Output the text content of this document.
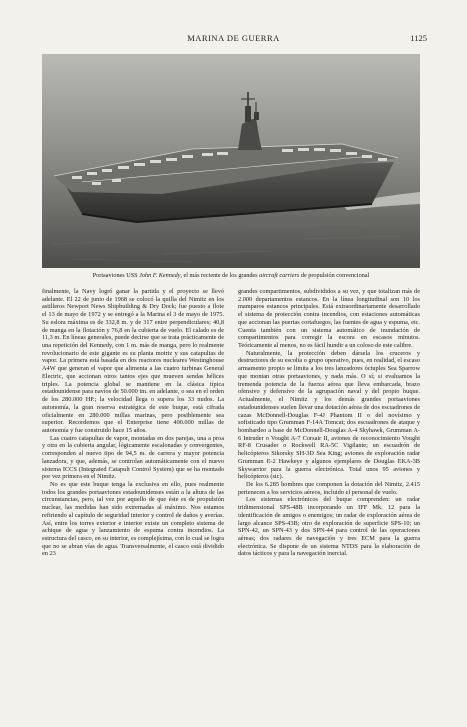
MARINA DE GUERRA	1125
Portaaviones USS John F. Kennedy, el más reciente de los grandes aircraft carriers de propulsión convencional

finalmente, la Navy logró ganar la partida y el proyecto se llevó adelante. El 22 de junio de 1968 se colocó la quilla del Nimitz en los astilleros Newport News Shipbuilding & Dry Dock; fue puesto a flote el 13 de mayo de 1972 y se entregó a la Marina el 3 de mayo de 1975. Su eslora máxima es de 332,8 m. y de 317 entre perpendiculares; 40,8 de manga en la flotación y 76,8 en la cubierta de vuelo. El calado es de 11,3 m. En líneas generales, puede decirse que se trata prácticamente de una repetición del Kennedy, con 1 m. más de manga, pero lo realmente revolucionario de este gigante es su planta motriz y sus catapultas de vapor. La primera está basada en dos reactores nucleares Westinghouse A4W que generan el vapor que alimenta a las cuatro turbinas General Electric, que accionan otros tantos ejes que mueven sendas hélices triples. La potencia global se mantiene en la clásica típica estadounidense para navíos de 50.000 tm. en adelante, o sea en el orden de los 280.000 HP.; la velocidad llega o supera los 33 nudos. La autonomía, la gran reserva estratégica de este buque, está cifrada oficialmente en 280.000 millas marinas, pero posiblemente sea superior. Recordemos que el Enterprise tiene 400.000 millas de autonomía y fue construido hace 15 años.

Las cuatro catapultas de vapor, montadas en dos parejas, una a proa y otra en la cubierta angular, lógicamente escalonadas y convergentes, corresponden al nuevo tipo de 94,5 m. de carrera y mayor potencia lanzadora, y que, además, se controlan automáticamente con el nuevo sistema ICCS (Integrated Catapult Control System) que se ha montado por vez primera en el Nimitz.

No es que este buque tenga la exclusiva en ello, pues realmente todos los grandes portaaviones estadounidenses están a la altura de las circunstancias, pero, tal vez por aquello de que éste es de propulsión nuclear, las medidas han sido extremadas al máximo. Nos estamos refiriendo al capítulo de seguridad interior y control de daños y averías. Así, entre los torres exterior e interior existe un completo sistema de achique de agua y lanzamiento de espuma contra incendios. La estructura del casco, en su interior, es complejísima, con lo cual se logra que no se abran vías de agua. Transversalmente, el casco está dividido en 23

grandes compartimentos, subdivididos a su vez, y que totalizan más de 2.000 departamentos estancos. En la línea longitudinal son 10 los mamparos estancos principales. Está extraordinariamente desarrollado el sistema de protección contra incendios, con estaciones automáticas que accionan las puertas cortafuegos, las fuentes de agua y espuma, etc. Cuenta también con un sistema automático de inundación de compartimentos para corregir la escora en escasos minutos. Teóricamente al menos, no es fácil hundir a un coloso de este calibre.

Naturalmente, la protección deben dársela los cruceros y destructores de su escolta o grupo operativo, pues, en realidad, el escaso armamento propio se limita a los tres lanzadores óctuples Sea Sparrow que montan otras portaaviones, y nada más. O sí; si evaluamos la tremenda potencia de la fuerza aérea que lleva embarcada, brazo ofensivo y defensivo de la agrupación naval y del propio buque. Actualmente, el Nimitz y los demás grandes portaaviones estadounidenses suelen llevar una dotación aérea de dos escuadrones de cazas McDonnell-Douglas F-4J Phantom II o del novísimo y sofisticado tipo Grumman F-14A Tomcat; dos escuadrones de ataque y bombardeo a base de McDonnell-Douglas A-4 Skyhawk, Grumman A-6 Intruder o Vought A-7 Corsair II, aviones de reconocimiento Vought RF-8 Crusader o Rockwell RA-5C Vigilante; un escuadrón de helicópteros Sikorsky SH-3D Sea King; aviones de exploración radar Grumman E-2 Hawkeye y algunos ejemplares de Douglas EKA-3B Skywarrior para la guerra electrónica. Total unos 95 aviones y helicópteros (sic).

De los 6.285 hombres que componen la dotación del Nimitz, 2.415 pertenecen a los servicios aéreos, incluido el personal de vuelo.

Los sistemas electrónicos del buque comprenden: un radar tridimensional SPS-48B incorporando un IFF Mk. 12 para la identificación de amigos o enemigos; un radar de exploración aérea de largo alcance SPS-43B; otro de exploración de superficie SPS-10; un SPN-42, un SPN-43 y dos SPN-44 para control de las operaciones aéreas; dos radares de navegación y tres ECM para la guerra electrónica. Se dispone de un sistema NTDS para la elaboración de datos tácticos y para la navegación inercial.
